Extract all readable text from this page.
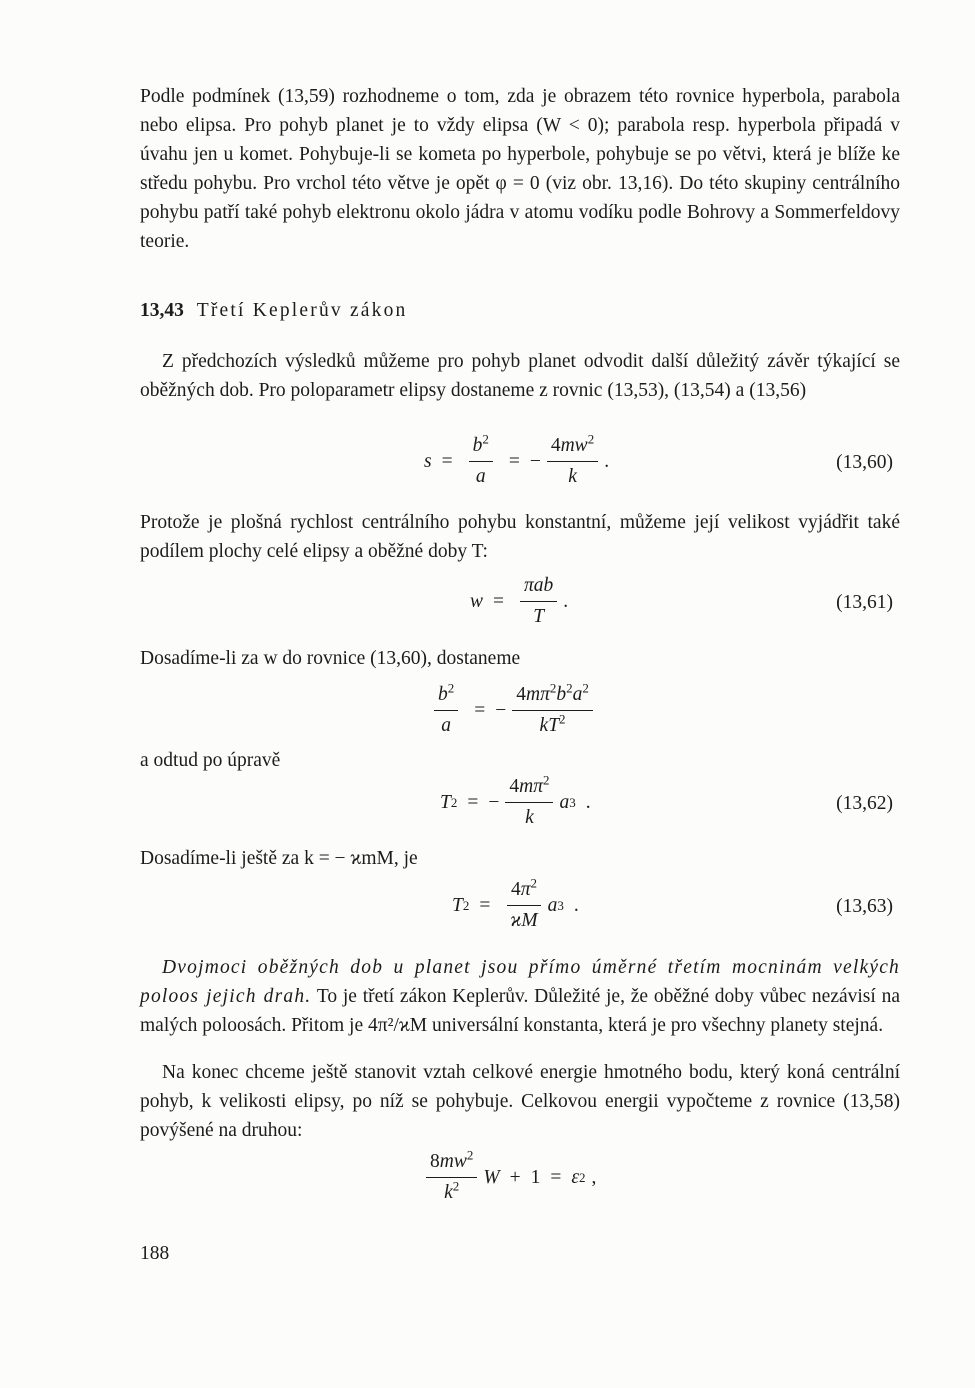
Podle podmínek (13,59) rozhodneme o tom, zda je obrazem této rovnice hyperbola, parabola nebo elipsa. Pro pohyb planet je to vždy elipsa (W < 0); parabola resp. hyperbola připadá v úvahu jen u komet. Pohybuje-li se kometa po hyperbole, pohybuje se po větvi, která je blíže ke středu pohybu. Pro vrchol této větve je opět φ = 0 (viz obr. 13,16). Do této skupiny centrálního pohybu patří také pohyb elektronu okolo jádra v atomu vodíku podle Bohrovy a Sommerfeldovy teorie.

13,43 Třetí Keplerův zákon

Z předchozích výsledků můžeme pro pohyb planet odvodit další důležitý závěr týkající se oběžných dob. Pro poloparametr elipsy dostaneme z rovnic (13,53), (13,54) a (13,56)

$s = \frac{b^2}{a}$ = − $\frac{4mw^2}{k}$ .	(13,60)

Protože je plošná rychlost centrálního pohybu konstantní, můžeme její velikost vyjádřit také podílem plochy celé elipsy a oběžné doby T:

$w = \frac{\text{πab}}{T}$ .	(13,61)

Dosadíme-li za w do rovnice (13,60), dostaneme

$\frac{b^2}{a}$ = − $\frac{4m\pi^2b^2a^2}{kT^2}$

a odtud po úpravě

T 2 = − $\frac{4m\pi^2}{k}$ a 3 .	(13,62)

Dosadíme-li ještě za k = − ϰmM, je

T $2 = \frac{4\pi^2}{ϰM}$ a 3 .	(13,63)

Dvojmoci oběžných dob u planet jsou přímo úměrné třetím mocninám velkých poloos jejich drah. To je třetí zákon Keplerův. Důležité je, že oběžné doby vůbec nezávisí na malých poloosách. Přitom je 4π²/ϰM universální konstanta, která je pro všechny planety stejná.

Na konec chceme ještě stanovit vztah celkové energie hmotného bodu, který koná centrální pohyb, k velikosti elipsy, po níž se pohybuje. Celkovou energii vypočteme z rovnice (13,58) povýšené na druhou:

$\frac{8mw^2}{k^2}$ W + 1 = ε 2 ,
188
